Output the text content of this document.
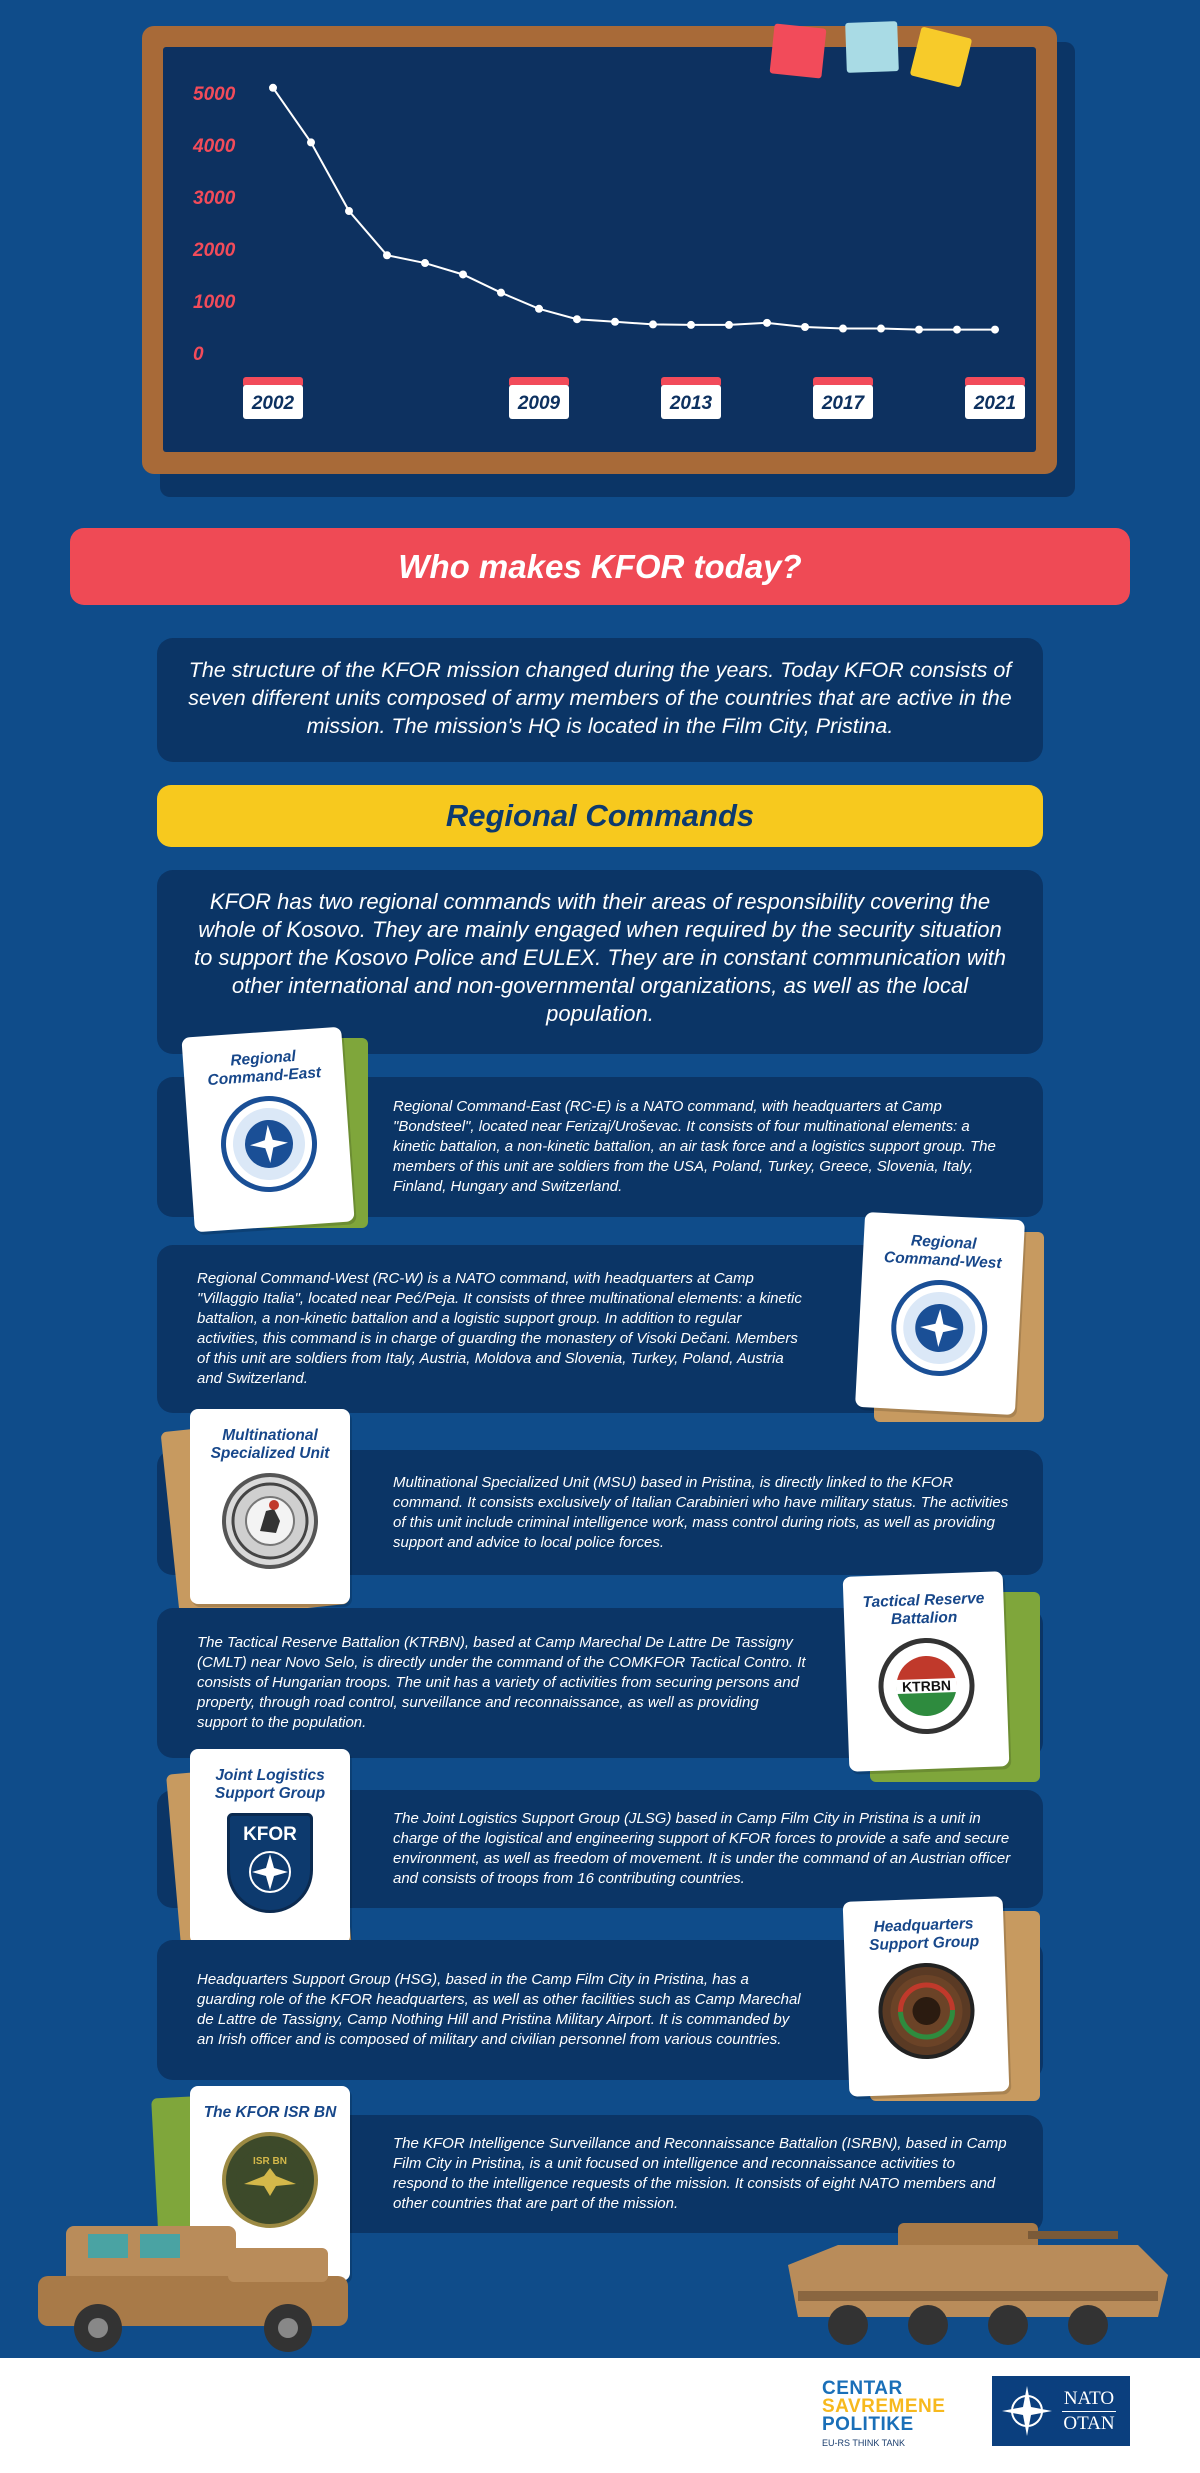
5000
4000
3000
2000
1000
0
2002	2009	2013	2017	2021
Who makes KFOR today?
The structure of the KFOR mission changed during the years. Today KFOR consists of seven different units composed of army members of the countries that are active in the mission. The mission's HQ is located in the Film City, Pristina.
Regional Commands
KFOR has two regional commands with their areas of responsibility covering the whole of Kosovo. They are mainly engaged when required by the security situation to support the Kosovo Police and EULEX. They are in constant communication with other international and non-governmental organizations, as well as the local population.

Regional Command-East (RC-E) is a NATO command, with headquarters at Camp "Bondsteel", located near Ferizaj/Uroševac. It consists of four multinational elements: a kinetic battalion, a non-kinetic battalion, an air task force and a logistics support group. The members of this unit are soldiers from the USA, Poland, Turkey, Greece, Slovenia, Italy, Finland, Hungary and Switzerland.

Regional Command-East

Regional Command-West (RC-W) is a NATO command, with headquarters at Camp "Villaggio Italia", located near Peć/Peja. It consists of three multinational elements: a kinetic battalion, a non-kinetic battalion and a logistic support group. In addition to regular activities, this command is in charge of guarding the monastery of Visoki Dečani. Members of this unit are soldiers from Italy, Austria, Moldova and Slovenia, Turkey, Poland, Austria and Switzerland.

Regional Command-West

Multinational Specialized Unit (MSU) based in Pristina, is directly linked to the KFOR command. It consists exclusively of Italian Carabinieri who have military status. The activities of this unit include criminal intelligence work, mass control during riots, as well as providing support and advice to local police forces.

Multinational Specialized Unit

The Tactical Reserve Battalion (KTRBN), based at Camp Marechal De Lattre De Tassigny (CMLT) near Novo Selo, is directly under the command of the COMKFOR Tactical Contro. It consists of Hungarian troops. The unit has a variety of activities from securing persons and property, through road control, surveillance and reconnaissance, as well as providing support to the population.

Tactical Reserve Battalion
KTRBN

The Joint Logistics Support Group (JLSG) based in Camp Film City in Pristina is a unit in charge of the logistical and engineering support of KFOR forces to provide a safe and secure environment, as well as freedom of movement. It is under the command of an Austrian officer and consists of troops from 16 contributing countries.

Joint Logistics Support Group
KFOR

Headquarters Support Group (HSG), based in the Camp Film City in Pristina, has a guarding role of the KFOR headquarters, as well as other facilities such as Camp Marechal de Lattre de Tassigny, Camp Nothing Hill and Pristina Military Airport. It is commanded by an Irish officer and is composed of military and civilian personnel from various countries.

Headquarters Support Group

The KFOR Intelligence Surveillance and Reconnaissance Battalion (ISRBN), based in Camp Film City in Pristina, is a unit focused on intelligence and reconnaissance activities to respond to the intelligence requests of the mission. It consists of eight NATO members and other countries that are part of the mission.

The KFOR ISR BN
ISR BN
CENTAR
SAVREMENE
POLITIKE
EU-RS THINK TANK
NATO
OTAN
